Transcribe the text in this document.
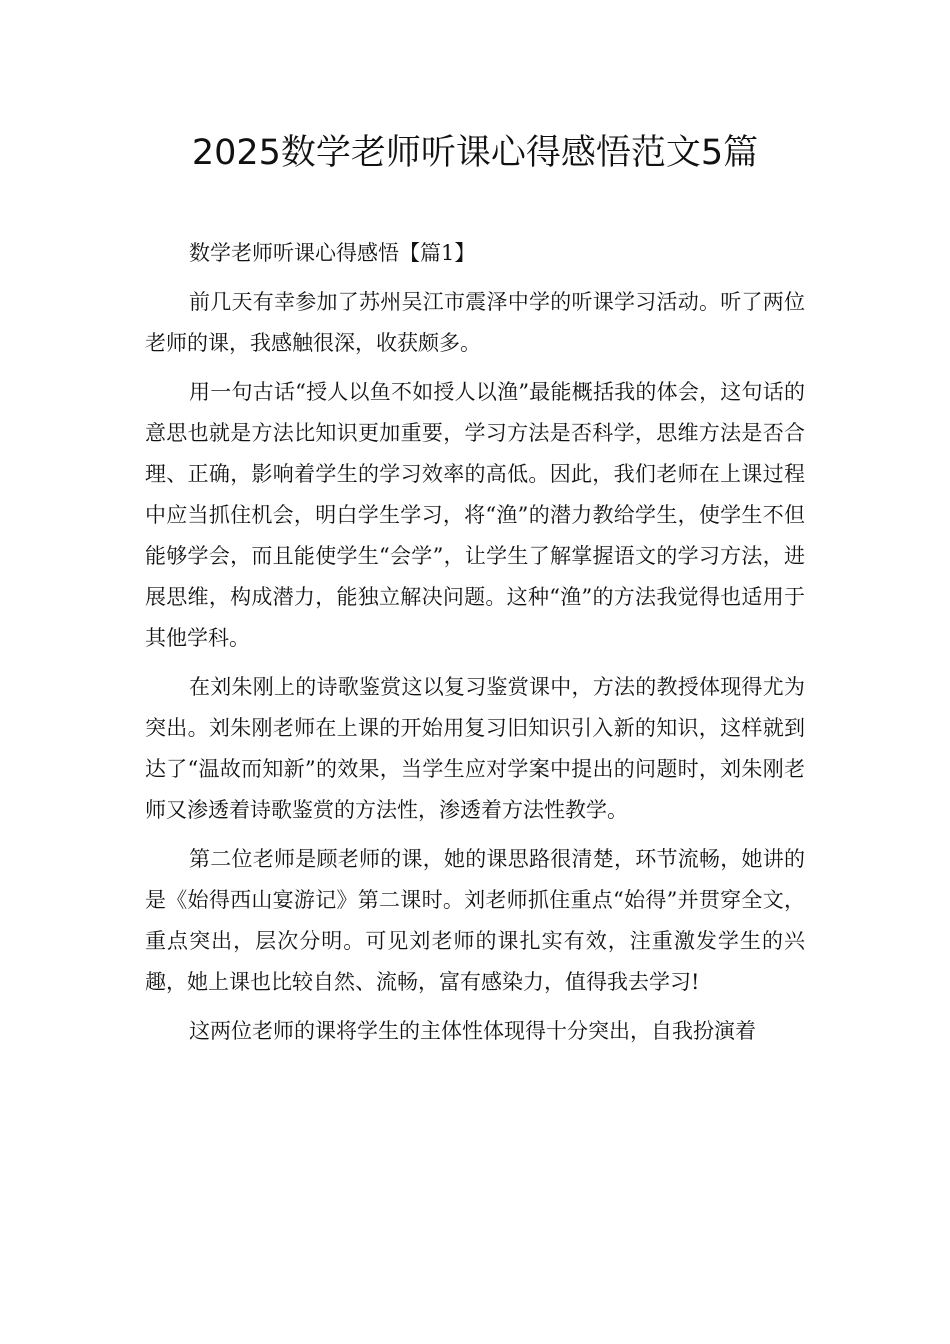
2025数学老师听课心得感悟范文5篇

数学老师听课心得感悟【篇1】

前几天有幸参加了苏州吴江市震泽中学的听课学习活动。听了两位老师的课，我感触很深，收获颇多。

用一句古话“授人以鱼不如授人以渔”最能概括我的体会，这句话的意思也就是方法比知识更加重要，学习方法是否科学，思维方法是否合理、正确，影响着学生的学习效率的高低。因此，我们老师在上课过程中应当抓住机会，明白学生学习，将“渔”的潜力教给学生，使学生不但能够学会，而且能使学生“会学”，让学生了解掌握语文的学习方法，进展思维，构成潜力，能独立解决问题。这种“渔”的方法我觉得也适用于其他学科。

在刘朱刚上的诗歌鉴赏这以复习鉴赏课中，方法的教授体现得尤为突出。刘朱刚老师在上课的开始用复习旧知识引入新的知识，这样就到达了“温故而知新”的效果，当学生应对学案中提出的问题时，刘朱刚老师又渗透着诗歌鉴赏的方法性，渗透着方法性教学。

第二位老师是顾老师的课，她的课思路很清楚，环节流畅，她讲的是《始得西山宴游记》第二课时。刘老师抓住重点“始得”并贯穿全文，重点突出，层次分明。可见刘老师的课扎实有效，注重激发学生的兴趣，她上课也比较自然、流畅，富有感染力，值得我去学习!

这两位老师的课将学生的主体性体现得十分突出，自我扮演着
